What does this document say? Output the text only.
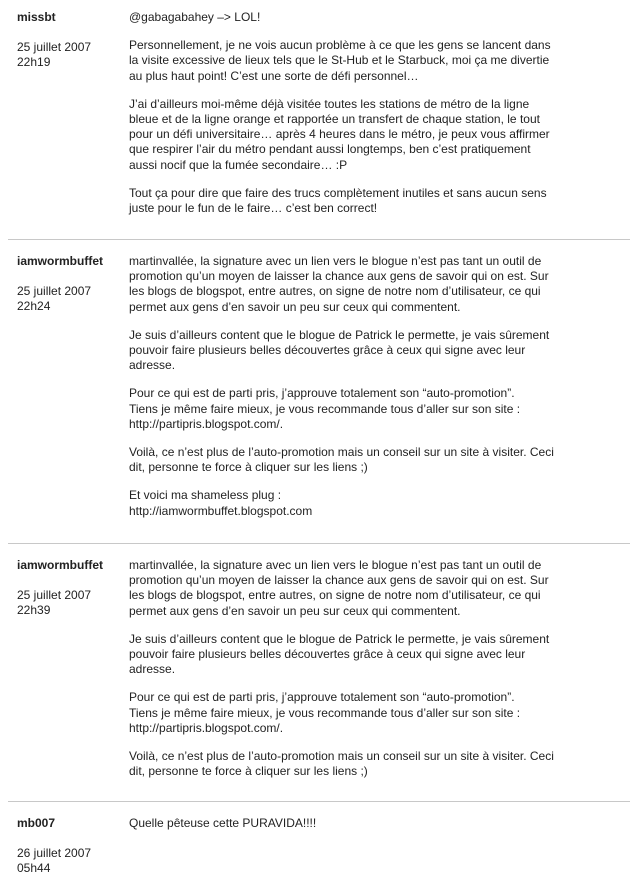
missbt
25 juillet 2007
22h19

@gabagabahey –> LOL!

Personnellement, je ne vois aucun problème à ce que les gens se lancent dans
la visite excessive de lieux tels que le St-Hub et le Starbuck, moi ça me divertie
au plus haut point! C’est une sorte de défi personnel…

J’ai d’ailleurs moi-même déjà visitée toutes les stations de métro de la ligne
bleue et de la ligne orange et rapportée un transfert de chaque station, le tout
pour un défi universitaire… après 4 heures dans le métro, je peux vous affirmer
que respirer l’air du métro pendant aussi longtemps, ben c’est pratiquement
aussi nocif que la fumée secondaire… :P

Tout ça pour dire que faire des trucs complètement inutiles et sans aucun sens
juste pour le fun de le faire… c’est ben correct!

iamwormbuffet
25 juillet 2007
22h24

martinvallée, la signature avec un lien vers le blogue n’est pas tant un outil de
promotion qu’un moyen de laisser la chance aux gens de savoir qui on est. Sur
les blogs de blogspot, entre autres, on signe de notre nom d’utilisateur, ce qui
permet aux gens d’en savoir un peu sur ceux qui commentent.

Je suis d’ailleurs content que le blogue de Patrick le permette, je vais sûrement
pouvoir faire plusieurs belles découvertes grâce à ceux qui signe avec leur
adresse.

Pour ce qui est de parti pris, j’approuve totalement son “auto-promotion”.
Tiens je même faire mieux, je vous recommande tous d’aller sur son site :
http://partipris.blogspot.com/.

Voilà, ce n’est plus de l’auto-promotion mais un conseil sur un site à visiter. Ceci
dit, personne te force à cliquer sur les liens ;)

Et voici ma shameless plug :
http://iamwormbuffet.blogspot.com

iamwormbuffet
25 juillet 2007
22h39

martinvallée, la signature avec un lien vers le blogue n’est pas tant un outil de
promotion qu’un moyen de laisser la chance aux gens de savoir qui on est. Sur
les blogs de blogspot, entre autres, on signe de notre nom d’utilisateur, ce qui
permet aux gens d’en savoir un peu sur ceux qui commentent.

Je suis d’ailleurs content que le blogue de Patrick le permette, je vais sûrement
pouvoir faire plusieurs belles découvertes grâce à ceux qui signe avec leur
adresse.

Pour ce qui est de parti pris, j’approuve totalement son “auto-promotion”.
Tiens je même faire mieux, je vous recommande tous d’aller sur son site :
http://partipris.blogspot.com/.

Voilà, ce n’est plus de l’auto-promotion mais un conseil sur un site à visiter. Ceci
dit, personne te force à cliquer sur les liens ;)

mb007
26 juillet 2007
05h44

Quelle pêteuse cette PURAVIDA!!!!
